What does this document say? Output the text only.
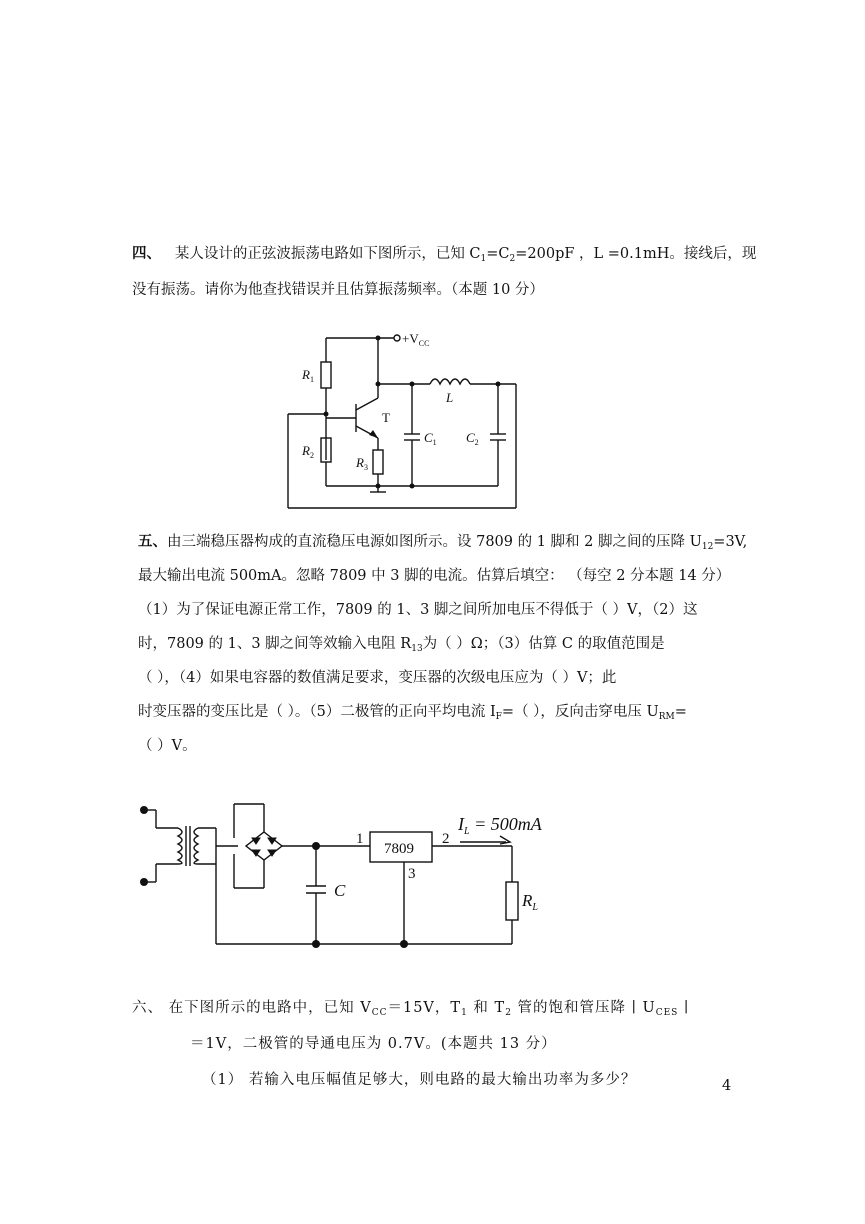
四、 某人设计的正弦波振荡电路如下图所示，已知 $C_1=C_2=200pF$ ，L =0.1mH。接线后，现
没有振荡。请你为他查找错误并且估算振荡频率。（本题 10 分）
$+V_{CC}$
$R_1$
$R_2$	$R_3$
T
L
$C_1$ $C_2$
五、由三端稳压器构成的直流稳压电源如图所示。设 7809 的 1 脚和 2 脚之间的压降 $U_{12}=3V$,
最大输出电流 500mA。忽略 7809 中 3 脚的电流。估算后填空： （每空 2 分本题 14 分）
（1）为了保证电源正常工作，7809 的 1、3 脚之间所加电压不得低于（ ）V，（2）这
时，7809 的 1、3 脚之间等效输入电阻 $R_{13}$为（ ）Ω；（3）估算 C 的取值范围是
（ ），（4）如果电容器的数值满足要求，变压器的次级电压应为（ ）V；此
时变压器的变压比是（ ）。（5）二极管的正向平均电流 $I_F=$（ ），反向击穿电压 $U_{RM}=$
（ ）V。
1	2
3
7809
$I_L = 500mA$
C
$R_L$
六、 在下图所示的电路中，已知 $V_{CC}=15V$，$T_1$ 和 $T_2$ 管的饱和管压降 ∣ $U_{CES}$ ∣
＝1V，二极管的导通电压为 0.7V。(本题共 13 分）
（1） 若输入电压幅值足够大，则电路的最大输出功率为多少？	4
